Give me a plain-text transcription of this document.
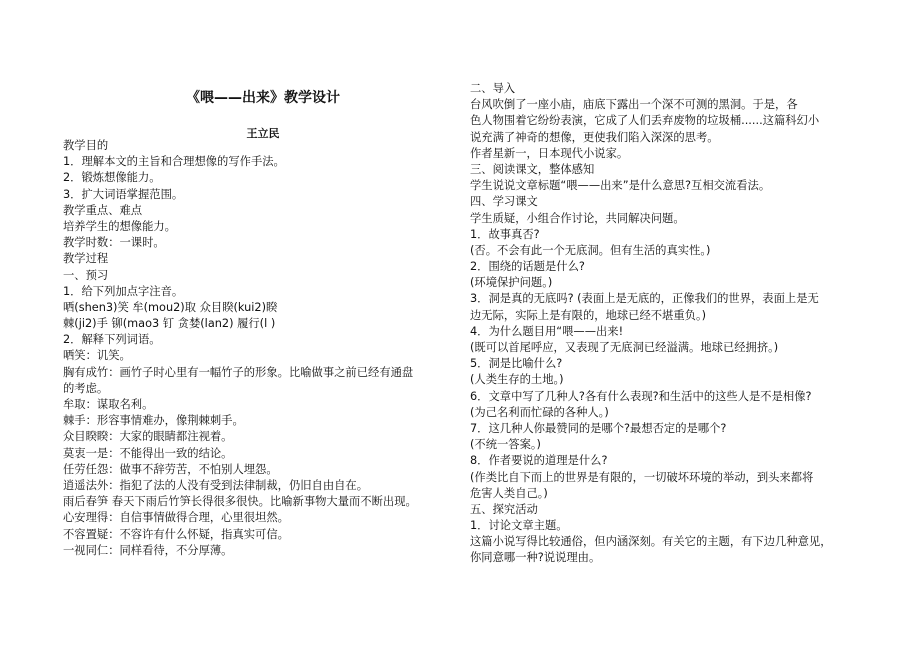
《喂——出来》教学设计
王立民
教学目的
1．理解本文的主旨和合理想像的写作手法。
2．锻炼想像能力。
3．扩大词语掌握范围。
教学重点、难点
培养学生的想像能力。
教学时数：一课时。
教学过程
一、预习
1．给下列加点字注音。
哂(shen3)笑 牟(mou2)取 众目睽(kui2)睽
棘(ji2)手 铆(mao3 钉 贪婪(lan2) 履行(l )
2．解释下列词语。
哂笑：讥笑。
胸有成竹：画竹子时心里有一幅竹子的形象。比喻做事之前已经有通盘
的考虑。
牟取：谋取名利。
棘手：形容事情难办，像荆棘刺手。
众目睽睽：大家的眼睛都注视着。
莫衷一是：不能得出一致的结论。
任劳任怨：做事不辞劳苦，不怕别人埋怨。
逍遥法外：指犯了法的人没有受到法律制裁，仍旧自由自在。
雨后春笋 春天下雨后竹笋长得很多很快。比喻新事物大量而不断出现。
心安理得：自信事情做得合理，心里很坦然。
不容置疑：不容许有什么怀疑，指真实可信。
一视同仁：同样看待，不分厚薄。
二、导入
台风吹倒了一座小庙，庙底下露出一个深不可测的黑洞。于是，各
色人物围着它纷纷表演，它成了人们丢弃废物的垃圾桶......这篇科幻小
说充满了神奇的想像，更使我们陷入深深的思考。
作者星新一，日本现代小说家。
三、阅读课文，整体感知
学生说说文章标题“喂——出来”是什么意思?互相交流看法。
四、学习课文
学生质疑，小组合作讨论，共同解决问题。
1．故事真否?
(否。不会有此一个无底洞。但有生活的真实性。)
2．围绕的话题是什么?
(环境保护问题。)
3．洞是真的无底吗? (表面上是无底的，正像我们的世界，表面上是无
边无际，实际上是有限的，地球已经不堪重负。)
4．为什么题目用“喂——出来!
(既可以首尾呼应，又表现了无底洞已经溢满。地球已经拥挤。)
5．洞是比喻什么?
(人类生存的土地。)
6．文章中写了几种人?各有什么表现?和生活中的这些人是不是相像?
(为己名利而忙碌的各种人。)
7．这几种人你最赞同的是哪个?最想否定的是哪个?
(不统一答案。)
8．作者要说的道理是什么?
(作类比自下而上的世界是有限的，一切破坏环境的举动，到头来都将
危害人类自己。)
五、探究活动
1．讨论文章主题。
这篇小说写得比较通俗，但内涵深刻。有关它的主题，有下边几种意见，
你同意哪一种?说说理由。
